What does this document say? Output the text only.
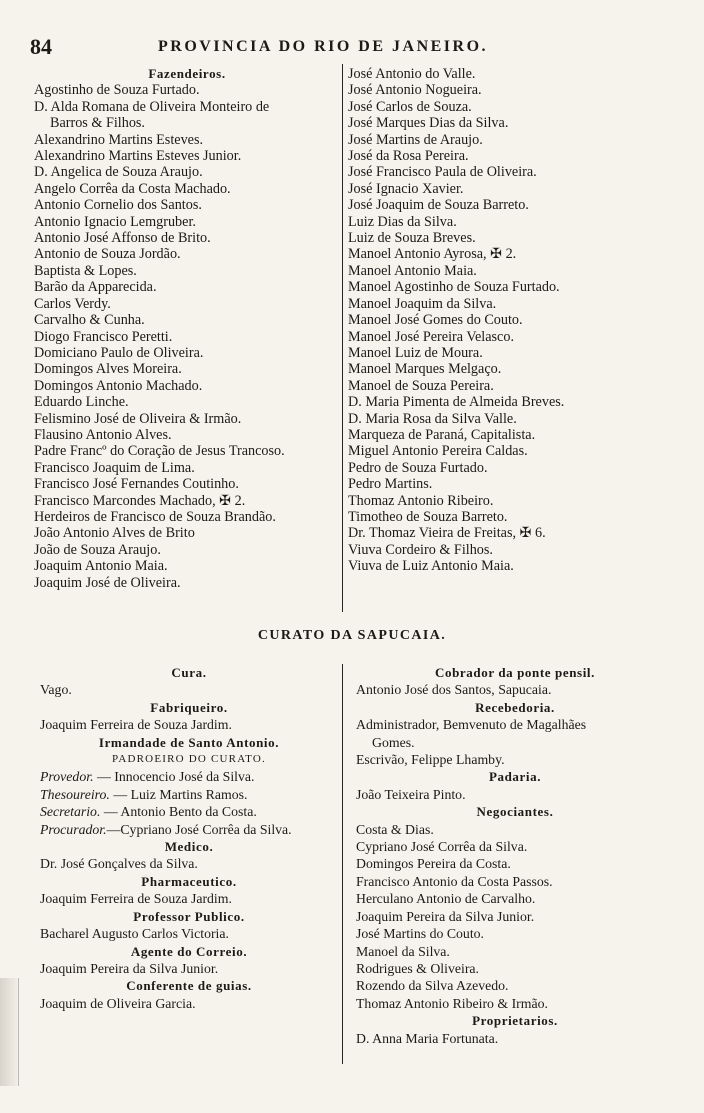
84	PROVINCIA DO RIO DE JANEIRO.
Fazendeiros.
Agostinho de Souza Furtado.
D. Alda Romana de Oliveira Monteiro de
Barros & Filhos.
Alexandrino Martins Esteves.
Alexandrino Martins Esteves Junior.
D. Angelica de Souza Araujo.
Angelo Corrêa da Costa Machado.
Antonio Cornelio dos Santos.
Antonio Ignacio Lemgruber.
Antonio José Affonso de Brito.
Antonio de Souza Jordão.
Baptista & Lopes.
Barão da Apparecida.
Carlos Verdy.
Carvalho & Cunha.
Diogo Francisco Peretti.
Domiciano Paulo de Oliveira.
Domingos Alves Moreira.
Domingos Antonio Machado.
Eduardo Linche.
Felismino José de Oliveira & Irmão.
Flausino Antonio Alves.
Padre Francº do Coração de Jesus Trancoso.
Francisco Joaquim de Lima.
Francisco José Fernandes Coutinho.
Francisco Marcondes Machado, ✠ 2.
Herdeiros de Francisco de Souza Brandão.
João Antonio Alves de Brito
João de Souza Araujo.
Joaquim Antonio Maia.
Joaquim José de Oliveira.
José Antonio do Valle.
José Antonio Nogueira.
José Carlos de Souza.
José Marques Dias da Silva.
José Martins de Araujo.
José da Rosa Pereira.
José Francisco Paula de Oliveira.
José Ignacio Xavier.
José Joaquim de Souza Barreto.
Luiz Dias da Silva.
Luiz de Souza Breves.
Manoel Antonio Ayrosa, ✠ 2.
Manoel Antonio Maia.
Manoel Agostinho de Souza Furtado.
Manoel Joaquim da Silva.
Manoel José Gomes do Couto.
Manoel José Pereira Velasco.
Manoel Luiz de Moura.
Manoel Marques Melgaço.
Manoel de Souza Pereira.
D. Maria Pimenta de Almeida Breves.
D. Maria Rosa da Silva Valle.
Marqueza de Paraná, Capitalista.
Miguel Antonio Pereira Caldas.
Pedro de Souza Furtado.
Pedro Martins.
Thomaz Antonio Ribeiro.
Timotheo de Souza Barreto.
Dr. Thomaz Vieira de Freitas, ✠ 6.
Viuva Cordeiro & Filhos.
Viuva de Luiz Antonio Maia.
CURATO DA SAPUCAIA.
Cura.
Vago.
Fabriqueiro.
Joaquim Ferreira de Souza Jardim.
Irmandade de Santo Antonio.
PADROEIRO DO CURATO.
Provedor. — Innocencio José da Silva.
Thesoureiro. — Luiz Martins Ramos.
Secretario. — Antonio Bento da Costa.
Procurador.—Cypriano José Corrêa da Silva.
Medico.
Dr. José Gonçalves da Silva.
Pharmaceutico.
Joaquim Ferreira de Souza Jardim.
Professor Publico.
Bacharel Augusto Carlos Victoria.
Agente do Correio.
Joaquim Pereira da Silva Junior.
Conferente de guias.
Joaquim de Oliveira Garcia.
Cobrador da ponte pensil.
Antonio José dos Santos, Sapucaia.
Recebedoria.
Administrador, Bemvenuto de Magalhães
Gomes.
Escrivão, Felippe Lhamby.
Padaria.
João Teixeira Pinto.
Negociantes.
Costa & Dias.
Cypriano José Corrêa da Silva.
Domingos Pereira da Costa.
Francisco Antonio da Costa Passos.
Herculano Antonio de Carvalho.
Joaquim Pereira da Silva Junior.
José Martins do Couto.
Manoel da Silva.
Rodrigues & Oliveira.
Rozendo da Silva Azevedo.
Thomaz Antonio Ribeiro & Irmão.
Proprietarios.
D. Anna Maria Fortunata.
